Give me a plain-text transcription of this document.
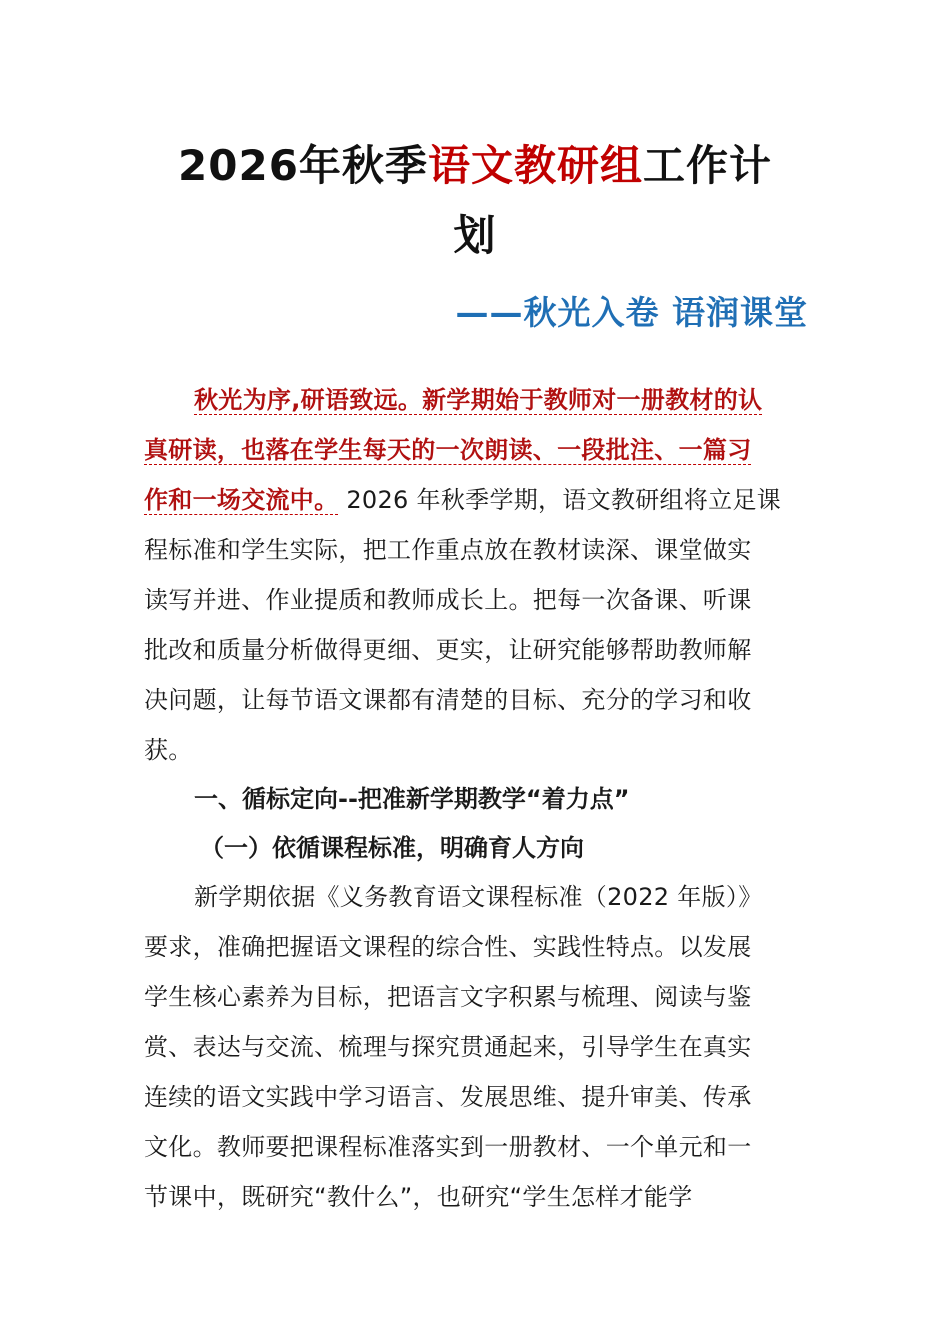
2026年秋季语文教研组工作计
划
——秋光入卷 语润课堂
秋光为序,研语致远。新学期始于教师对一册教材的认
真研读，也落在学生每天的一次朗读、一段批注、一篇习
作和一场交流中。 2026 年秋季学期，语文教研组将立足课
程标准和学生实际，把工作重点放在教材读深、课堂做实
读写并进、作业提质和教师成长上。把每一次备课、听课
批改和质量分析做得更细、更实，让研究能够帮助教师解
决问题，让每节语文课都有清楚的目标、充分的学习和收
获。
一、循标定向--把准新学期教学“着力点”
（一）依循课程标准，明确育人方向
新学期依据《义务教育语文课程标准（2022 年版）》
要求，准确把握语文课程的综合性、实践性特点。以发展
学生核心素养为目标，把语言文字积累与梳理、阅读与鉴
赏、表达与交流、梳理与探究贯通起来，引导学生在真实
连续的语文实践中学习语言、发展思维、提升审美、传承
文化。教师要把课程标准落实到一册教材、一个单元和一
节课中，既研究“教什么”，也研究“学生怎样才能学
